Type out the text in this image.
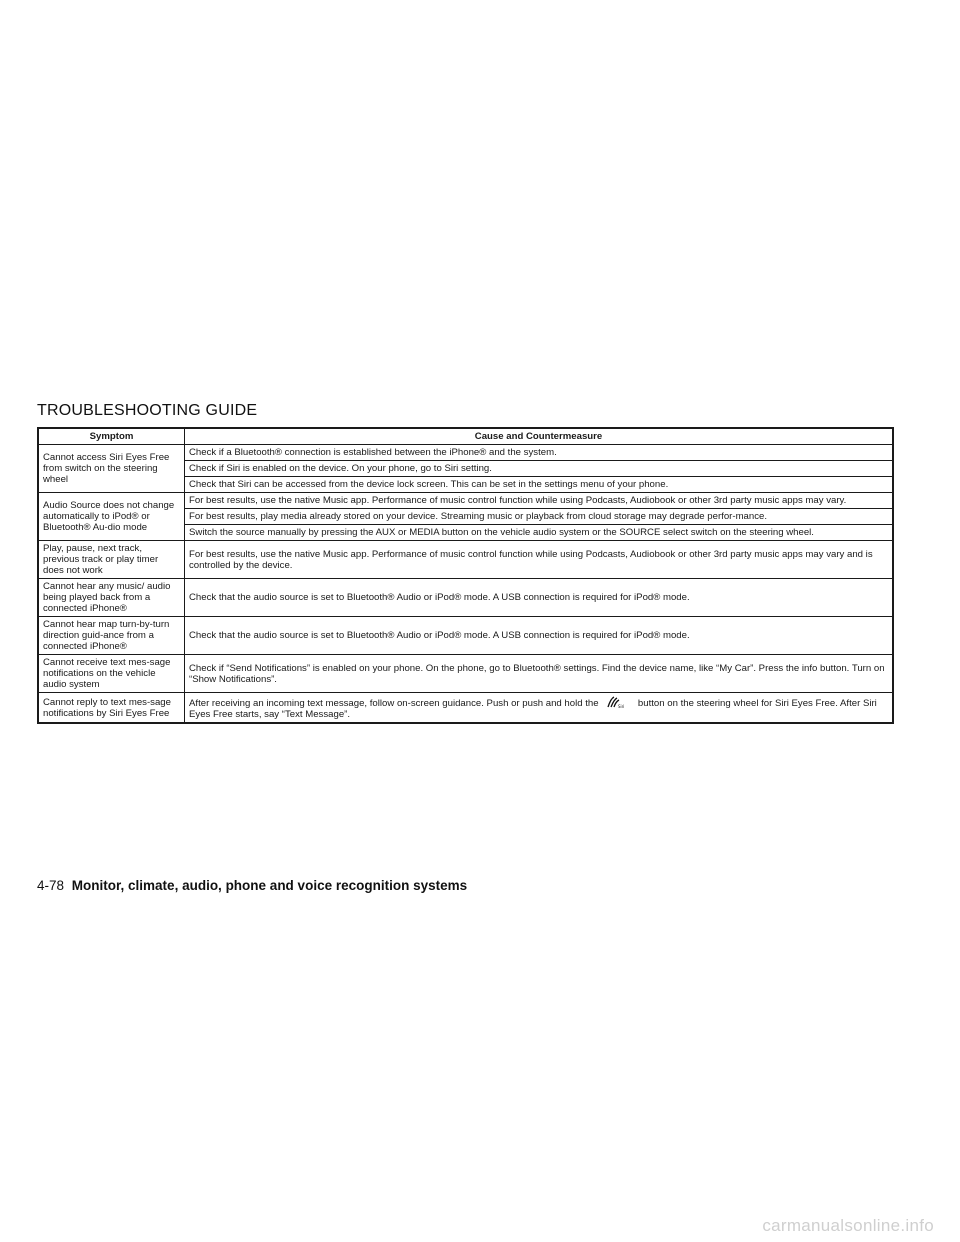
TROUBLESHOOTING GUIDE
Symptom	Cause and Countermeasure
Cannot access Siri Eyes Free from switch on the steering wheel	Check if a Bluetooth® connection is established between the iPhone® and the system.
	Check if Siri is enabled on the device. On your phone, go to Siri setting.
	Check that Siri can be accessed from the device lock screen. This can be set in the settings menu of your phone.
Audio Source does not change automatically to iPod® or Bluetooth® Au-dio mode	For best results, use the native Music app. Performance of music control function while using Podcasts, Audiobook or other 3rd party music apps may vary.
	For best results, play media already stored on your device. Streaming music or playback from cloud storage may degrade perfor-mance.
	Switch the source manually by pressing the AUX or MEDIA button on the vehicle audio system or the SOURCE select switch on the steering wheel.
Play, pause, next track, previous track or play timer does not work	For best results, use the native Music app. Performance of music control function while using Podcasts, Audiobook or other 3rd party music apps may vary and is controlled by the device.
Cannot hear any music/ audio being played back from a connected iPhone®	Check that the audio source is set to Bluetooth® Audio or iPod® mode. A USB connection is required for iPod® mode.
Cannot hear map turn-by-turn direction guid-ance from a connected iPhone®	Check that the audio source is set to Bluetooth® Audio or iPod® mode. A USB connection is required for iPod® mode.
Cannot receive text mes-sage notifications on the vehicle audio system	Check if “Send Notifications” is enabled on your phone. On the phone, go to Bluetooth® settings. Find the device name, like “My Car”. Press the info button. Turn on “Show Notifications”.
Cannot reply to text mes-sage notifications by Siri Eyes Free	After receiving an incoming text message, follow on-screen guidance. Push or push and hold the Siri button on the steering wheel for Siri Eyes Free. After Siri Eyes Free starts, say “Text Message”.
4-78 Monitor, climate, audio, phone and voice recognition systems
carmanualsonline.info
